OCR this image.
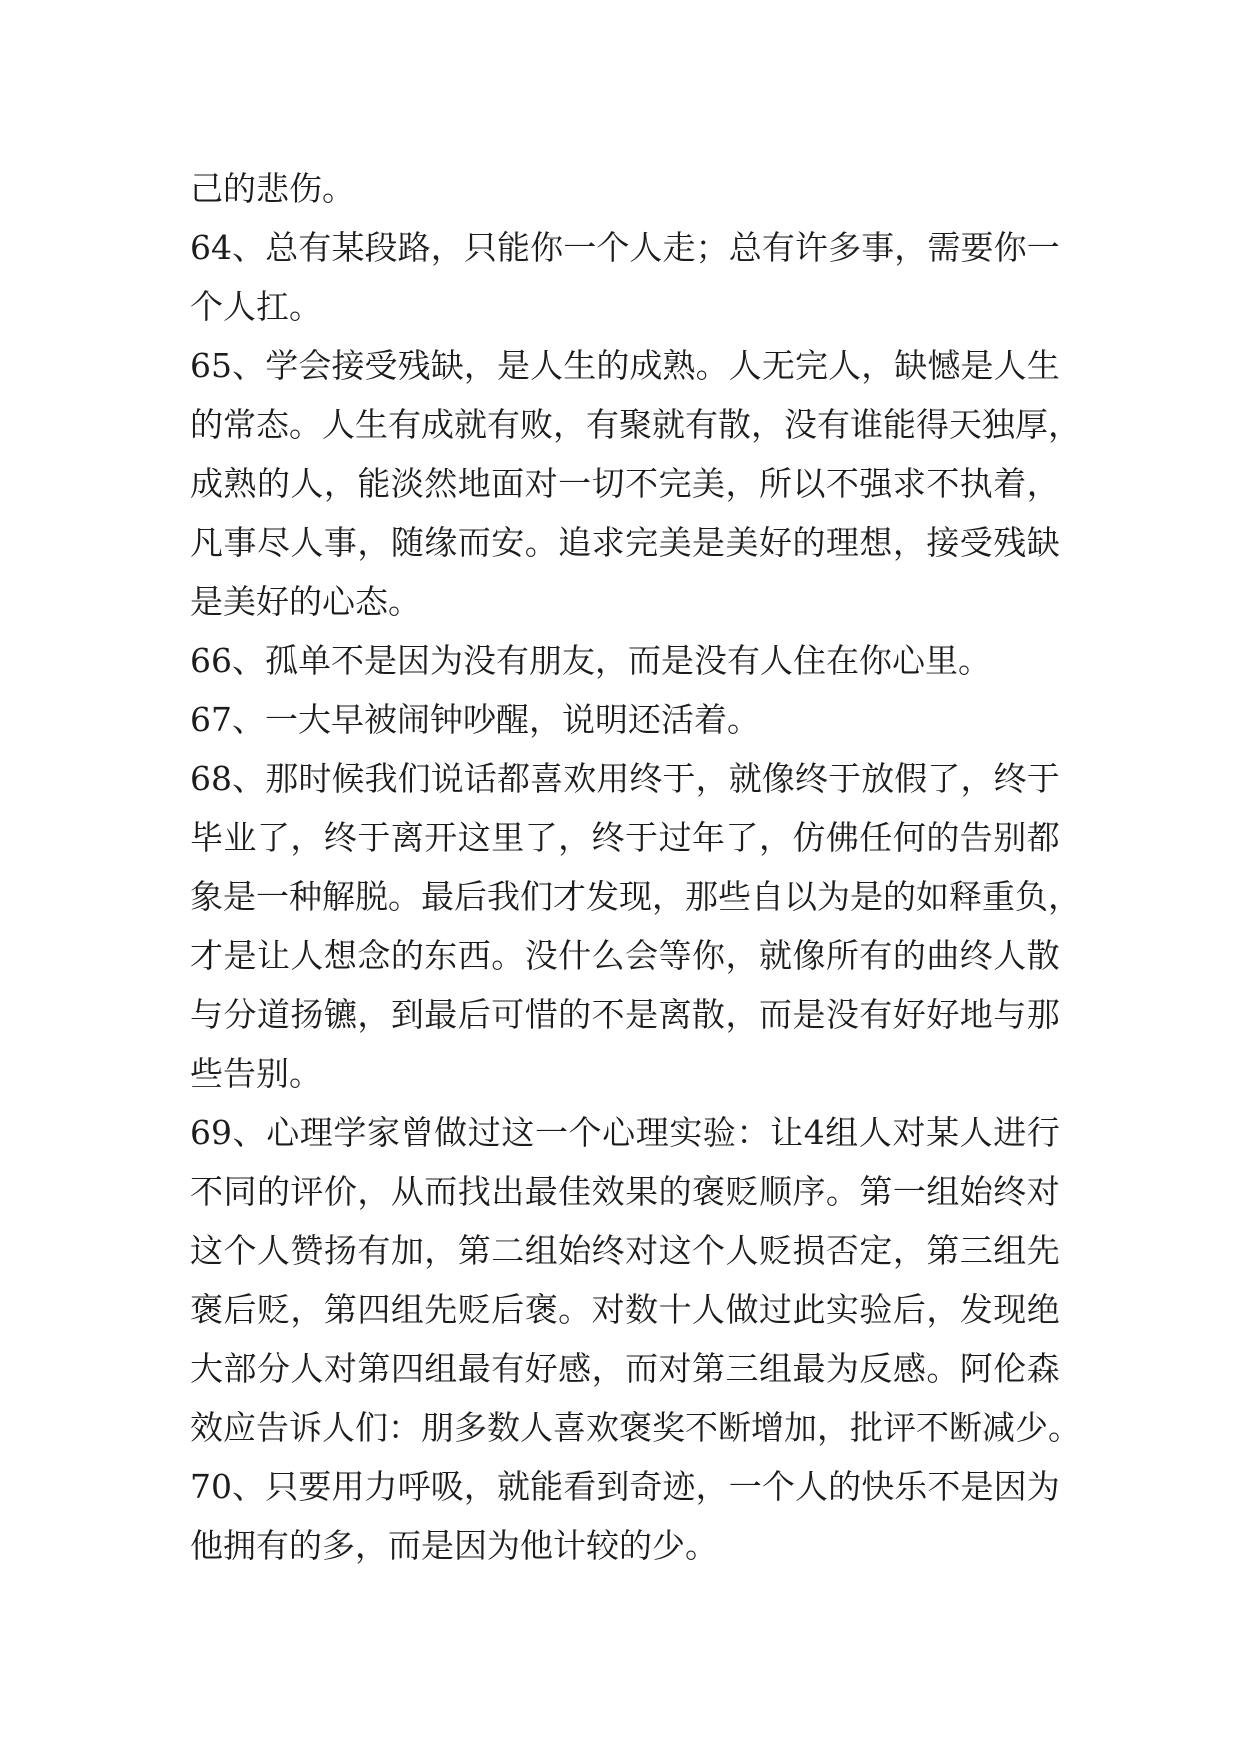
己 的 悲 伤 。
64 、 总 有 某 段 路 ， 只 能 你 一 个 人 走 ； 总 有 许 多 事 ， 需 要 你 一
个 人 扛 。
65 、 学 会 接 受 残 缺 ， 是 人 生 的 成 熟 。 人 无 完 人 ， 缺 憾 是 人 生
的 常 态 。 人 生 有 成 就 有 败 ， 有 聚 就 有 散 ， 没 有 谁 能 得 天 独 厚 ，
成 熟 的 人 ， 能 淡 然 地 面 对 一 切 不 完 美 ， 所 以 不 强 求 不 执 着 ，
凡 事 尽 人 事 ， 随 缘 而 安 。 追 求 完 美 是 美 好 的 理 想 ， 接 受 残 缺
是 美 好 的 心 态 。
66 、 孤 单 不 是 因 为 没 有 朋 友 ， 而 是 没 有 人 住 在 你 心 里 。
67 、 一 大 早 被 闹 钟 吵 醒 ， 说 明 还 活 着 。
68 、 那 时 候 我 们 说 话 都 喜 欢 用 终 于 ， 就 像 终 于 放 假 了 ， 终 于
毕 业 了 ， 终 于 离 开 这 里 了 ， 终 于 过 年 了 ， 仿 佛 任 何 的 告 别 都
象 是 一 种 解 脱 。 最 后 我 们 才 发 现 ， 那 些 自 以 为 是 的 如 释 重 负 ，
才 是 让 人 想 念 的 东 西 。 没 什 么 会 等 你 ， 就 像 所 有 的 曲 终 人 散
与 分 道 扬 镳 ， 到 最 后 可 惜 的 不 是 离 散 ， 而 是 没 有 好 好 地 与 那
些 告 别 。
69 、 心 理 学 家 曾 做 过 这 一 个 心 理 实 验 ： 让 4 组 人 对 某 人 进 行
不 同 的 评 价 ， 从 而 找 出 最 佳 效 果 的 褒 贬 顺 序 。 第 一 组 始 终 对
这 个 人 赞 扬 有 加 ， 第 二 组 始 终 对 这 个 人 贬 损 否 定 ， 第 三 组 先
褒 后 贬 ， 第 四 组 先 贬 后 褒 。 对 数 十 人 做 过 此 实 验 后 ， 发 现 绝
大 部 分 人 对 第 四 组 最 有 好 感 ， 而 对 第 三 组 最 为 反 感 。 阿 伦 森
效 应 告 诉 人 们 ： 朋 多 数 人 喜 欢 褒 奖 不 断 增 加 ， 批 评 不 断 减 少 。
70 、 只 要 用 力 呼 吸 ， 就 能 看 到 奇 迹 ， 一 个 人 的 快 乐 不 是 因 为
他 拥 有 的 多 ， 而 是 因 为 他 计 较 的 少 。
